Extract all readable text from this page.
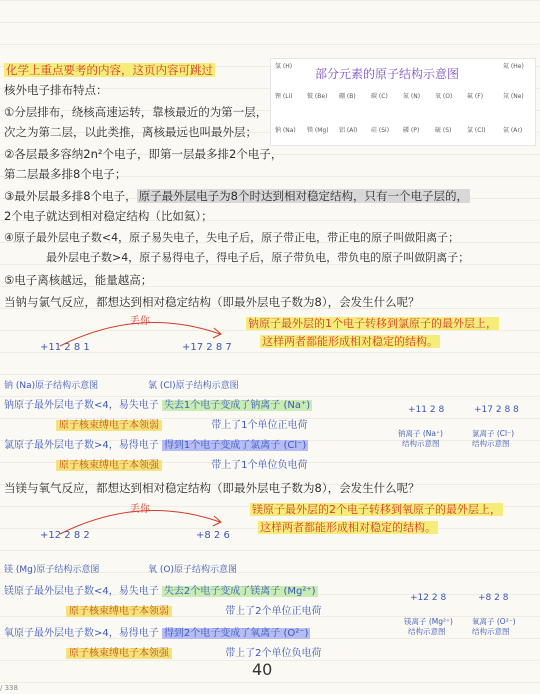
化学上重点要考的内容，这页内容可跳过
核外电子排布特点：
①分层排布，绕核高速运转，靠核最近的为第一层，
次之为第二层，以此类推，离核最远也叫最外层；
②各层最多容纳2n²个电子，即第一层最多排2个电子，
第二层最多排8个电子；
③最外层最多排8个电子， 原子最外层电子为8个时达到相对稳定结构，只有一个电子层的，
2个电子就达到相对稳定结构（比如氦）；
④原子最外层电子数<4，原子易失电子，失电子后，原子带正电，带正电的原子叫做阳离子；
最外层电子数>4，原子易得电子，得电子后，原子带负电，带负电的原子叫做阴离子；
⑤电子离核越远，能量越高；
部分元素的原子结构示意图
氢 (H)	氦 (He)
锂 (Li) 铍 (Be) 硼 (B)	碳 (C)	氮 (N) 氧 (O) 氟 (F)	氖 (Ne)
钠 (Na) 镁 (Mg) 铝 (Al) 硅 (Si) 磷 (P)	硫 (S)	氯 (Cl)	氩 (Ar)
当钠与氯气反应，都想达到相对稳定结构（即最外层电子数为8），会发生什么呢？
丢你
+11 2 8 1	+17 2 8 7
钠原子最外层的1个电子转移到氯原子的最外层上，
这样两者都能形成相对稳定的结构。
钠 (Na)原子结构示意图	氯 (Cl)原子结构示意图
钠原子最外层电子数<4，易失电子 失去1个电子变成了钠离子 (Na⁺)
原子核束缚电子本领弱	带上了1个单位正电荷
氯原子最外层电子数>4，易得电子 得到1个电子变成了氯离子 (Cl⁻)
原子核束缚电子本领强	带上了1个单位负电荷
+11 2 8	+17 2 8 8
钠离子 (Na⁺)
结构示意图
氯离子 (Cl⁻)
结构示意图
当镁与氧气反应，都想达到相对稳定结构（即最外层电子数为8），会发生什么呢？
丢你
+12 2 8 2	+8 2 6
镁原子最外层的2个电子转移到氧原子的最外层上，
这样两者都能形成相对稳定的结构。
镁 (Mg)原子结构示意图	氧 (O)原子结构示意图
镁原子最外层电子数<4，易失电子 失去2个电子变成了镁离子 (Mg²⁺)
原子核束缚电子本领弱	带上了2个单位正电荷
氧原子最外层电子数>4，易得电子 得到2个电子变成了氧离子 (O²⁻)
原子核束缚电子本领强	带上了2个单位负电荷
+12 2 8	+8 2 8
镁离子 (Mg²⁺)
结构示意图
氧离子 (O²⁻)
结构示意图
40
/ 338
